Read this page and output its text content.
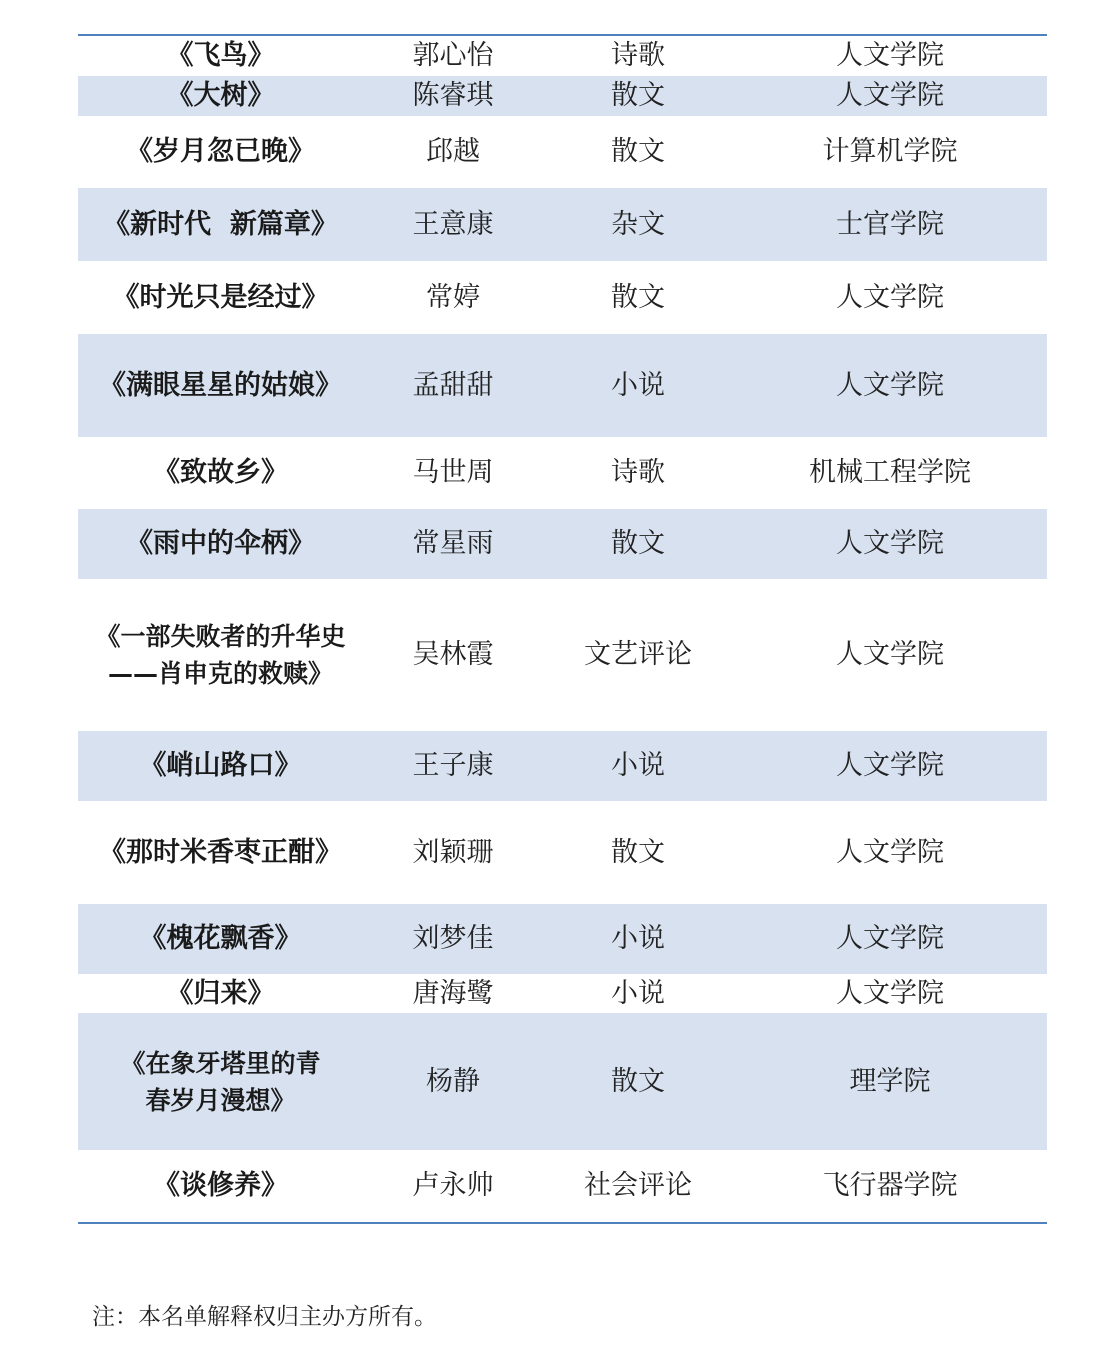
《飞鸟》	郭心怡	诗歌	人文学院
《大树》	陈睿琪	散文	人文学院
《岁月忽已晚》	邱越	散文	计算机学院
《新时代  新篇章》	王意康	杂文	士官学院
《时光只是经过》	常婷	散文	人文学院
《满眼星星的姑娘》	孟甜甜	小说	人文学院
《致故乡》	马世周	诗歌	机械工程学院
《雨中的伞柄》	常星雨	散文	人文学院

《一部失败者的升华史
——肖申克的救赎》	吴林霞	文艺评论	人文学院
《峭山路口》	王子康	小说	人文学院
《那时米香枣正酣》	刘颖珊	散文	人文学院
《槐花飘香》	刘梦佳	小说	人文学院
《归来》	唐海鹭	小说	人文学院

《在象牙塔里的青
春岁月漫想》	杨静	散文	理学院
《谈修养》	卢永帅	社会评论	飞行器学院
注：本名单解释权归主办方所有。
